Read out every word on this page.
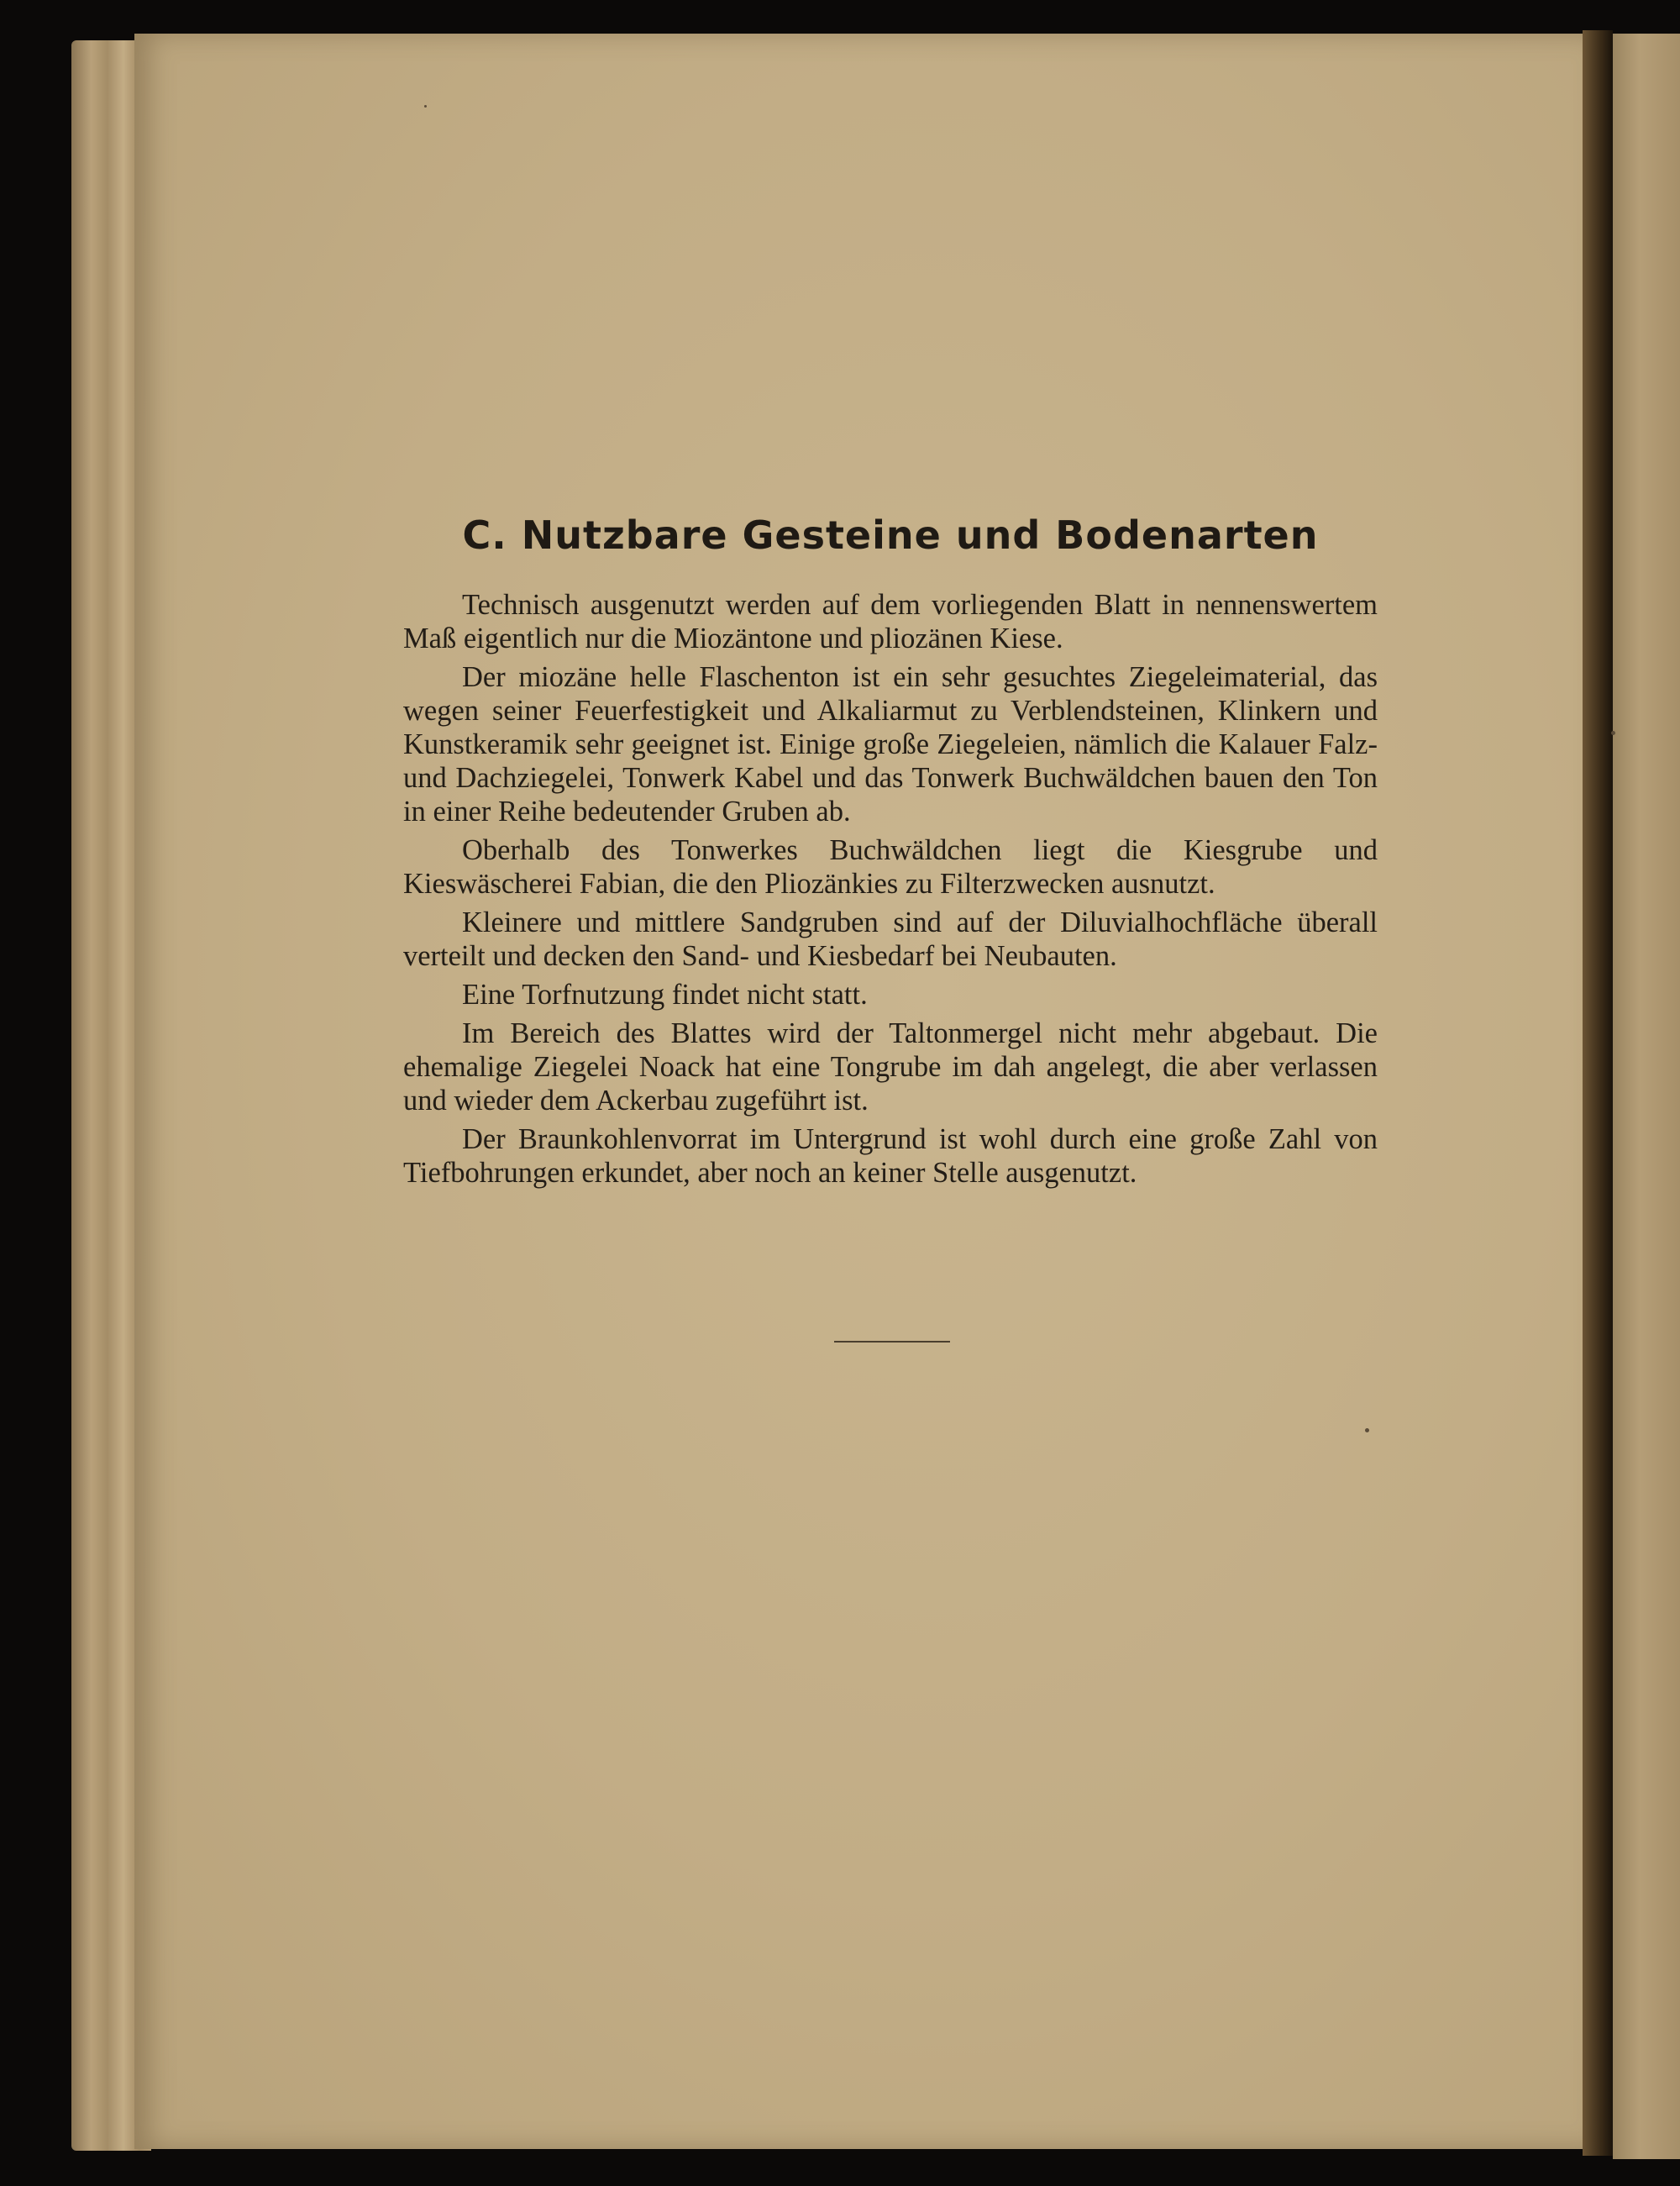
C. Nutzbare Gesteine und Bodenarten

Technisch ausgenutzt werden auf dem vorliegenden Blatt in nennenswertem Maß eigentlich nur die Miozäntone und pliozänen Kiese.

Der miozäne helle Flaschenton ist ein sehr gesuchtes Ziegeleimaterial, das wegen seiner Feuerfestigkeit und Alkaliarmut zu Verblendsteinen, Klinkern und Kunstkeramik sehr geeignet ist. Einige große Ziegeleien, nämlich die Kalauer Falz- und Dachziegelei, Tonwerk Kabel und das Tonwerk Buchwäldchen bauen den Ton in einer Reihe bedeutender Gruben ab.

Oberhalb des Tonwerkes Buchwäldchen liegt die Kiesgrube und Kieswäscherei Fabian, die den Pliozänkies zu Filterzwecken ausnutzt.

Kleinere und mittlere Sandgruben sind auf der Diluvialhochfläche überall verteilt und decken den Sand- und Kiesbedarf bei Neubauten.

Eine Torfnutzung findet nicht statt.

Im Bereich des Blattes wird der Taltonmergel nicht mehr abgebaut. Die ehemalige Ziegelei Noack hat eine Tongrube im dah angelegt, die aber verlassen und wieder dem Ackerbau zugeführt ist.

Der Braunkohlenvorrat im Untergrund ist wohl durch eine große Zahl von Tiefbohrungen erkundet, aber noch an keiner Stelle ausgenutzt.
